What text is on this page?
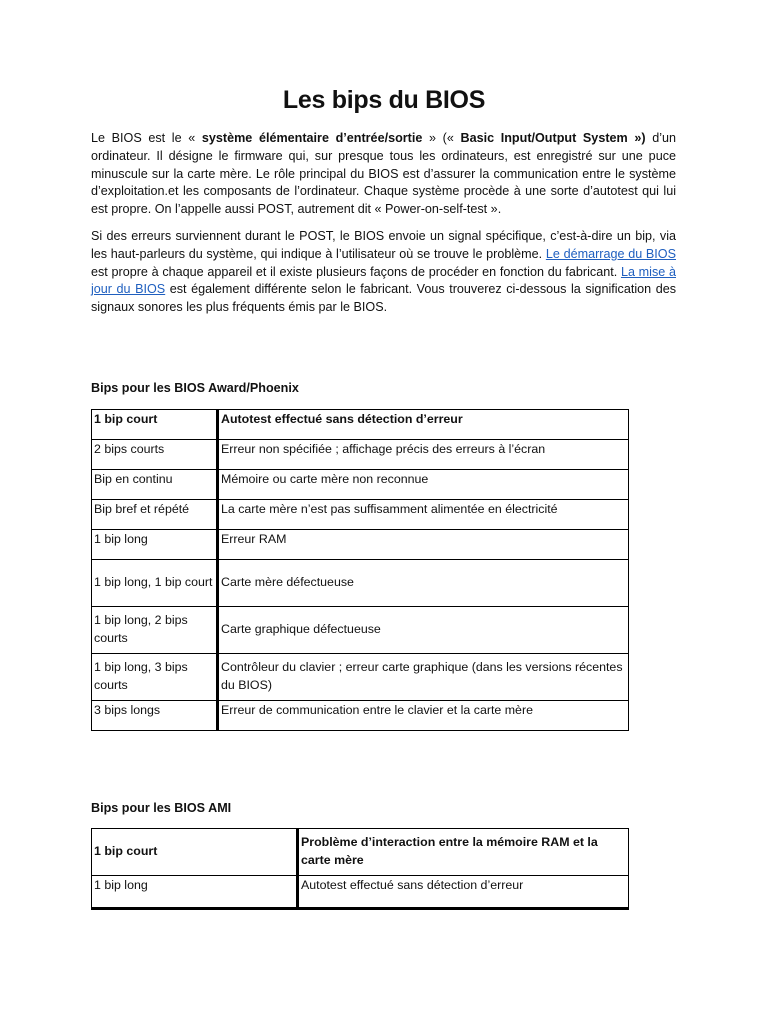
Les bips du BIOS

Le BIOS est le « système élémentaire d’entrée/sortie » (« Basic Input/Output System ») d’un ordinateur. Il désigne le firmware qui, sur presque tous les ordinateurs, est enregistré sur une puce minuscule sur la carte mère. Le rôle principal du BIOS est d’assurer la communication entre le système d’exploitation.et les composants de l’ordinateur. Chaque système procède à une sorte d’autotest qui lui est propre. On l’appelle aussi POST, autrement dit « Power-on-self-test ».

Si des erreurs surviennent durant le POST, le BIOS envoie un signal spécifique, c’est-à-dire un bip, via les haut-parleurs du système, qui indique à l’utilisateur où se trouve le problème. Le démarrage du BIOS est propre à chaque appareil et il existe plusieurs façons de procéder en fonction du fabricant. La mise à jour du BIOS est également différente selon le fabricant. Vous trouverez ci-dessous la signification des signaux sonores les plus fréquents émis par le BIOS.

Bips pour les BIOS Award/Phoenix

1 bip court	Autotest effectué sans détection d’erreur
2 bips courts	Erreur non spécifiée ; affichage précis des erreurs à l’écran
Bip en continu	Mémoire ou carte mère non reconnue
Bip bref et répété	La carte mère n’est pas suffisamment alimentée en électricité
1 bip long	Erreur RAM
1 bip long, 1 bip court	Carte mère défectueuse
1 bip long, 2 bips courts	Carte graphique défectueuse
1 bip long, 3 bips courts	Contrôleur du clavier ; erreur carte graphique (dans les versions récentes du BIOS)
3 bips longs	Erreur de communication entre le clavier et la carte mère

Bips pour les BIOS AMI

1 bip court	Problème d’interaction entre la mémoire RAM et la carte mère
1 bip long	Autotest effectué sans détection d’erreur
